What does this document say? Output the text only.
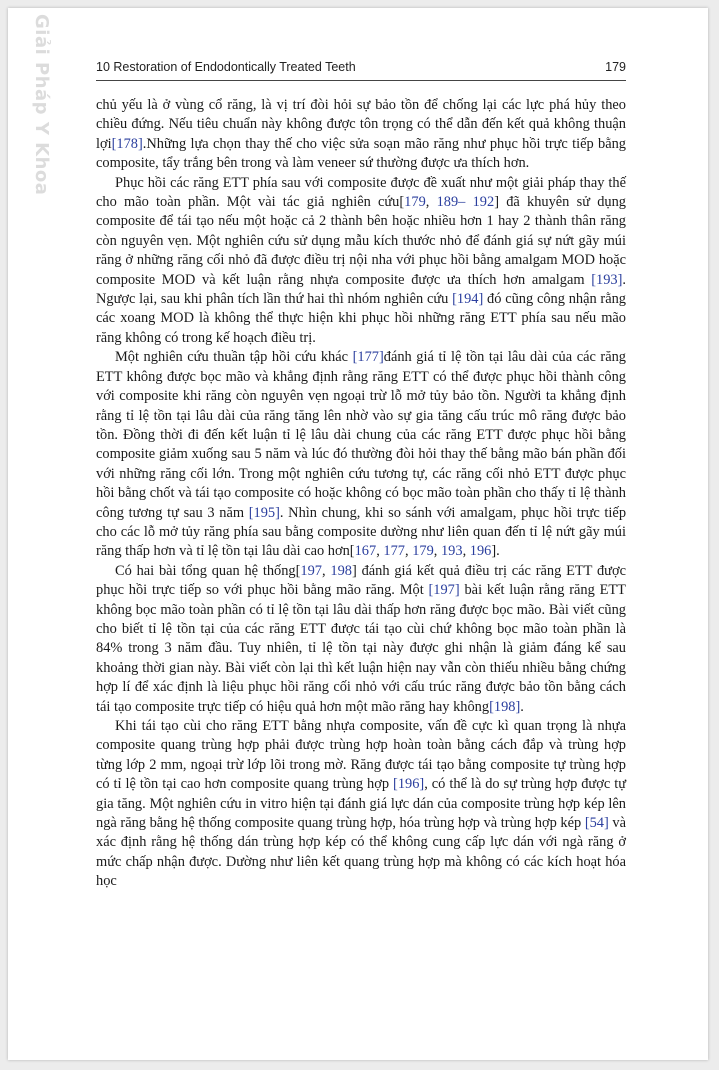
Giải Pháp Y Khoa	10 Restoration of Endodontically Treated Teeth	179

chủ yếu là ở vùng cổ răng, là vị trí đòi hỏi sự bảo tồn để chống lại các lực phá hủy theo chiều đứng. Nếu tiêu chuẩn này không được tôn trọng có thể dẫn đến kết quả không thuận lợi[178].Những lựa chọn thay thế cho việc sửa soạn mão răng như phục hồi trực tiếp bằng composite, tẩy trắng bên trong và làm veneer sứ thường được ưa thích hơn.

Phục hồi các răng ETT phía sau với composite được đề xuất như một giải pháp thay thế cho mão toàn phần. Một vài tác giả nghiên cứu[179, 189– 192] đã khuyên sử dụng composite để tái tạo nếu một hoặc cả 2 thành bên hoặc nhiều hơn 1 hay 2 thành thân răng còn nguyên vẹn. Một nghiên cứu sử dụng mẫu kích thước nhỏ để đánh giá sự nứt gãy múi răng ở những răng cối nhỏ đã được điều trị nội nha với phục hồi bằng amalgam MOD hoặc composite MOD và kết luận rằng nhựa composite được ưa thích hơn amalgam [193]. Ngược lại, sau khi phân tích lần thứ hai thì nhóm nghiên cứu [194] đó cũng công nhận rằng các xoang MOD là không thể thực hiện khi phục hồi những răng ETT phía sau nếu mão răng không có trong kế hoạch điều trị.

Một nghiên cứu thuần tập hồi cứu khác [177]đánh giá tỉ lệ tồn tại lâu dài của các răng ETT không được bọc mão và khẳng định rằng răng ETT có thể được phục hồi thành công với composite khi răng còn nguyên vẹn ngoại trừ lỗ mở tủy bảo tồn. Người ta khẳng định rằng tỉ lệ tồn tại lâu dài của răng tăng lên nhờ vào sự gia tăng cấu trúc mô răng được bảo tồn. Đồng thời đi đến kết luận tỉ lệ lâu dài chung của các răng ETT được phục hồi bằng composite giảm xuống sau 5 năm và lúc đó thường đòi hỏi thay thế bằng mão bán phần đối với những răng cối lớn. Trong một nghiên cứu tương tự, các răng cối nhỏ ETT được phục hồi bằng chốt và tái tạo composite có hoặc không có bọc mão toàn phần cho thấy tỉ lệ thành công tương tự sau 3 năm [195]. Nhìn chung, khi so sánh với amalgam, phục hồi trực tiếp cho các lỗ mở tủy răng phía sau bằng composite dường như liên quan đến tỉ lệ nứt gãy múi răng thấp hơn và tỉ lệ tồn tại lâu dài cao hơn[167, 177, 179, 193, 196].

Có hai bài tổng quan hệ thống[197, 198] đánh giá kết quả điều trị các răng ETT được phục hồi trực tiếp so với phục hồi bằng mão răng. Một [197] bài kết luận rằng răng ETT không bọc mão toàn phần có tỉ lệ tồn tại lâu dài thấp hơn răng được bọc mão. Bài viết cũng cho biết tỉ lệ tồn tại của các răng ETT được tái tạo cùi chứ không bọc mão toàn phần là 84% trong 3 năm đầu. Tuy nhiên, tỉ lệ tồn tại này được ghi nhận là giảm đáng kể sau khoảng thời gian này. Bài viết còn lại thì kết luận hiện nay vẫn còn thiếu nhiều bằng chứng hợp lí để xác định là liệu phục hồi răng cối nhỏ với cấu trúc răng được bảo tồn bằng cách tái tạo composite trực tiếp có hiệu quả hơn một mão răng hay không[198].

Khi tái tạo cùi cho răng ETT bằng nhựa composite, vấn đề cực kì quan trọng là nhựa composite quang trùng hợp phải được trùng hợp hoàn toàn bằng cách đắp và trùng hợp từng lớp 2 mm, ngoại trừ lớp lõi trong mờ. Răng được tái tạo bằng composite tự trùng hợp có tỉ lệ tồn tại cao hơn composite quang trùng hợp [196], có thể là do sự trùng hợp được tự gia tăng. Một nghiên cứu in vitro hiện tại đánh giá lực dán của composite trùng hợp kép lên ngà răng bằng hệ thống composite quang trùng hợp, hóa trùng hợp và trùng hợp kép [54] và xác định rằng hệ thống dán trùng hợp kép có thể không cung cấp lực dán với ngà răng ở mức chấp nhận được. Dường như liên kết quang trùng hợp mà không có các kích hoạt hóa học
